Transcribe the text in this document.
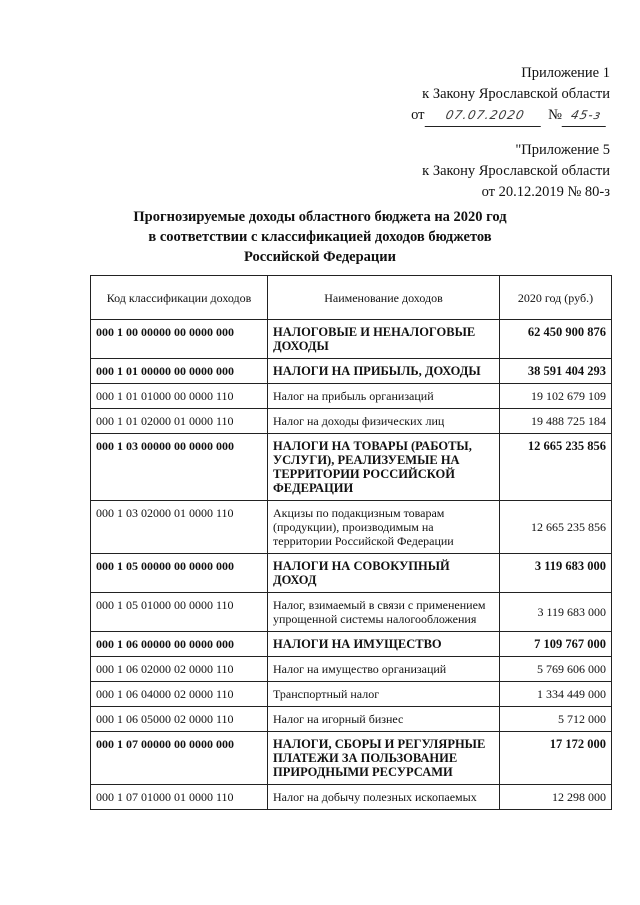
Приложение 1
к Закону Ярославской области
от 07.07.2020 № 45-з
"Приложение 5
к Закону Ярославской области
от 20.12.2019 № 80-з
Прогнозируемые доходы областного бюджета на 2020 год
в соответствии с классификацией доходов бюджетов
Российской Федерации
Код классификации доходов	Наименование доходов	2020 год (руб.)
000 1 00 00000 00 0000 000	НАЛОГОВЫЕ И НЕНАЛОГОВЫЕ ДОХОДЫ	62 450 900 876
000 1 01 00000 00 0000 000	НАЛОГИ НА ПРИБЫЛЬ, ДОХОДЫ	38 591 404 293
000 1 01 01000 00 0000 110	Налог на прибыль организаций	19 102 679 109
000 1 01 02000 01 0000 110	Налог на доходы физических лиц	19 488 725 184
000 1 03 00000 00 0000 000	НАЛОГИ НА ТОВАРЫ (РАБОТЫ, УСЛУГИ), РЕАЛИЗУЕМЫЕ НА ТЕРРИТОРИИ РОССИЙСКОЙ ФЕДЕРАЦИИ	12 665 235 856
000 1 03 02000 01 0000 110	Акцизы по подакцизным товарам (продукции), производимым на территории Российской Федерации	12 665 235 856
000 1 05 00000 00 0000 000	НАЛОГИ НА СОВОКУПНЫЙ ДОХОД	3 119 683 000
000 1 05 01000 00 0000 110	Налог, взимаемый в связи с применением упрощенной системы налогообложения	3 119 683 000
000 1 06 00000 00 0000 000	НАЛОГИ НА ИМУЩЕСТВО	7 109 767 000
000 1 06 02000 02 0000 110	Налог на имущество организаций	5 769 606 000
000 1 06 04000 02 0000 110	Транспортный налог	1 334 449 000
000 1 06 05000 02 0000 110	Налог на игорный бизнес	5 712 000
000 1 07 00000 00 0000 000	НАЛОГИ, СБОРЫ И РЕГУЛЯРНЫЕ ПЛАТЕЖИ ЗА ПОЛЬЗОВАНИЕ ПРИРОДНЫМИ РЕСУРСАМИ	17 172 000
000 1 07 01000 01 0000 110	Налог на добычу полезных ископаемых	12 298 000
